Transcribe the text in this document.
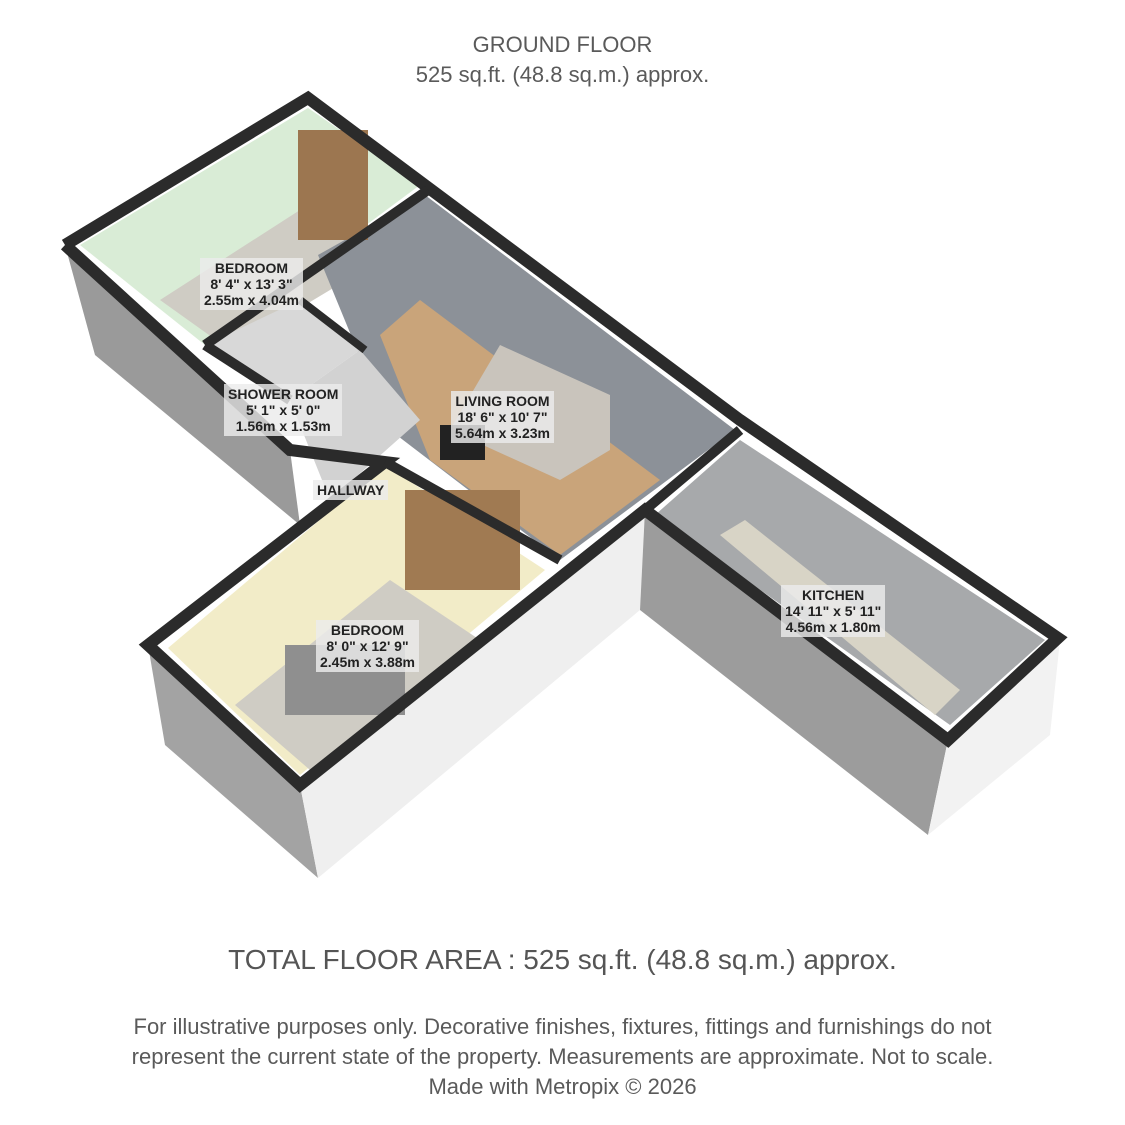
GROUND FLOOR
525 sq.ft. (48.8 sq.m.) approx.
BEDROOM
8' 4" x 13' 3"
2.55m x 4.04m
SHOWER ROOM
5' 1" x 5' 0"
1.56m x 1.53m
LIVING ROOM
18' 6" x 10' 7"
5.64m x 3.23m
HALLWAY
BEDROOM
8' 0" x 12' 9"
2.45m x 3.88m
KITCHEN
14' 11" x 5' 11"
4.56m x 1.80m
TOTAL FLOOR AREA : 525 sq.ft. (48.8 sq.m.) approx.
For illustrative purposes only. Decorative finishes, fixtures, fittings and furnishings do not
represent the current state of the property. Measurements are approximate. Not to scale.
Made with Metropix © 2026
